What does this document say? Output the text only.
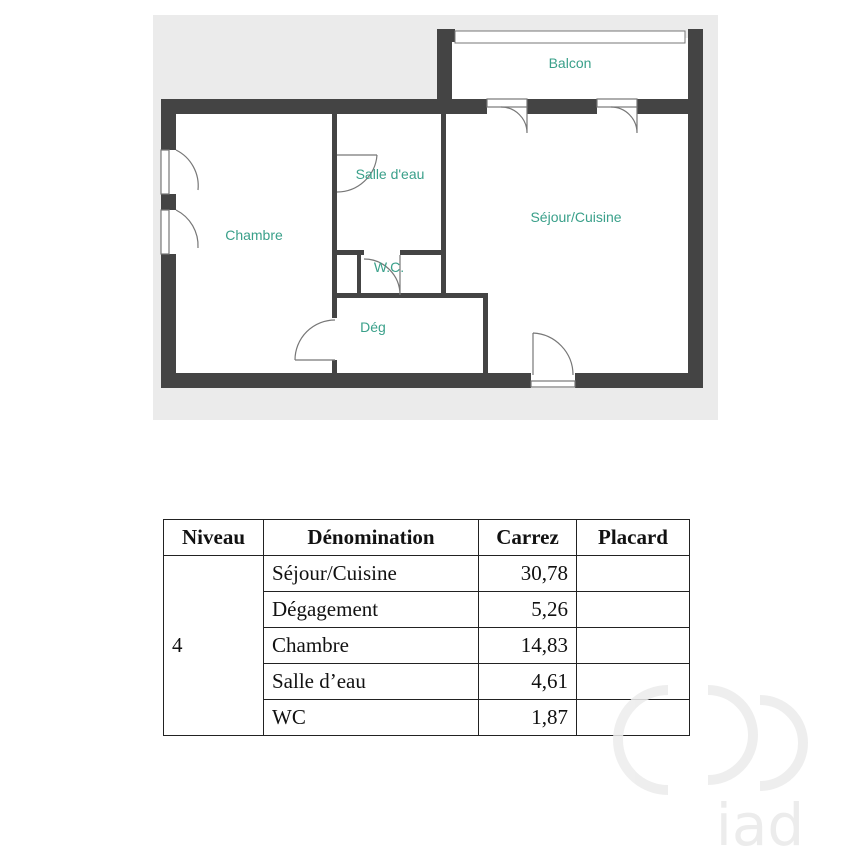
Balcon
Salle d'eau
Séjour/Cuisine
Chambre
W.C.
Dég
Niveau	Dénomination	Carrez	Placard
4	Séjour/Cuisine	30,78	
	Dégagement	5,26	
	Chambre	14,83	
	Salle d’eau	4,61	
	WC	1,87	
iad
